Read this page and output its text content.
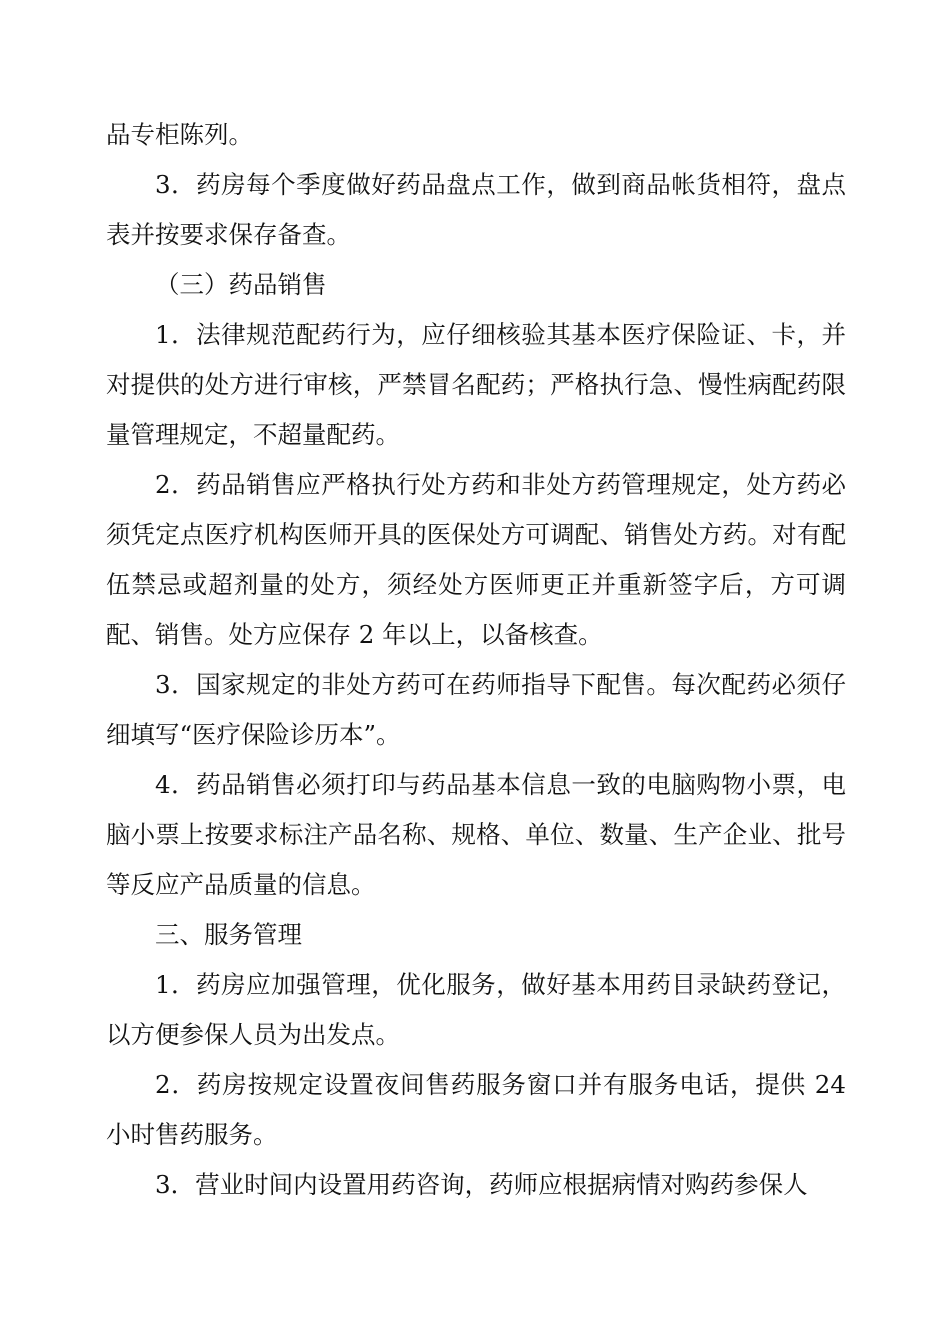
品专柜陈列。

3．药房每个季度做好药品盘点工作，做到商品帐货相符，盘点表并按要求保存备查。

（三）药品销售

1．法律规范配药行为，应仔细核验其基本医疗保险证、卡，并对提供的处方进行审核，严禁冒名配药；严格执行急、慢性病配药限量管理规定，不超量配药。

2．药品销售应严格执行处方药和非处方药管理规定，处方药必须凭定点医疗机构医师开具的医保处方可调配、销售处方药。对有配伍禁忌或超剂量的处方，须经处方医师更正并重新签字后，方可调配、销售。处方应保存 2 年以上，以备核查。

3．国家规定的非处方药可在药师指导下配售。每次配药必须仔细填写“医疗保险诊历本”。

4．药品销售必须打印与药品基本信息一致的电脑购物小票，电脑小票上按要求标注产品名称、规格、单位、数量、生产企业、批号等反应产品质量的信息。

三、服务管理

1．药房应加强管理，优化服务，做好基本用药目录缺药登记，以方便参保人员为出发点。

2．药房按规定设置夜间售药服务窗口并有服务电话，提供 24 小时售药服务。

3．营业时间内设置用药咨询，药师应根据病情对购药参保人
